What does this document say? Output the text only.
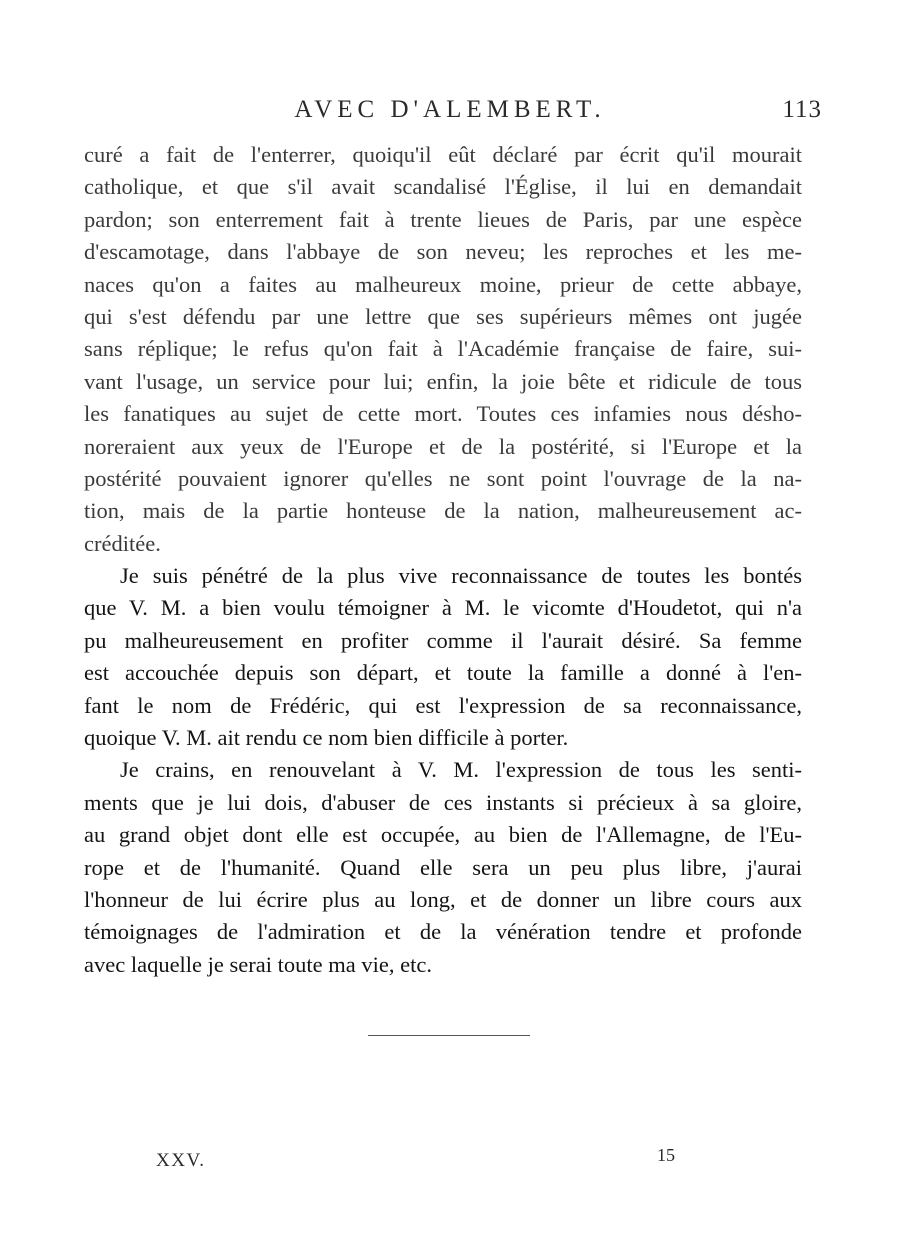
AVEC D'ALEMBERT.	113
curé a fait de l'enterrer, quoiqu'il eût déclaré par écrit qu'il mourait
catholique, et que s'il avait scandalisé l'Église, il lui en demandait
pardon; son enterrement fait à trente lieues de Paris, par une espèce
d'escamotage, dans l'abbaye de son neveu; les reproches et les me-
naces qu'on a faites au malheureux moine, prieur de cette abbaye,
qui s'est défendu par une lettre que ses supérieurs mêmes ont jugée
sans réplique; le refus qu'on fait à l'Académie française de faire, sui-
vant l'usage, un service pour lui; enfin, la joie bête et ridicule de tous
les fanatiques au sujet de cette mort. Toutes ces infamies nous désho-
noreraient aux yeux de l'Europe et de la postérité, si l'Europe et la
postérité pouvaient ignorer qu'elles ne sont point l'ouvrage de la na-
tion, mais de la partie honteuse de la nation, malheureusement ac-
créditée.
Je suis pénétré de la plus vive reconnaissance de toutes les bontés
que V. M. a bien voulu témoigner à M. le vicomte d'Houdetot, qui n'a
pu malheureusement en profiter comme il l'aurait désiré. Sa femme
est accouchée depuis son départ, et toute la famille a donné à l'en-
fant le nom de Frédéric, qui est l'expression de sa reconnaissance,
quoique V. M. ait rendu ce nom bien difficile à porter.
Je crains, en renouvelant à V. M. l'expression de tous les senti-
ments que je lui dois, d'abuser de ces instants si précieux à sa gloire,
au grand objet dont elle est occupée, au bien de l'Allemagne, de l'Eu-
rope et de l'humanité. Quand elle sera un peu plus libre, j'aurai
l'honneur de lui écrire plus au long, et de donner un libre cours aux
témoignages de l'admiration et de la vénération tendre et profonde
avec laquelle je serai toute ma vie, etc.
XXV.	15
